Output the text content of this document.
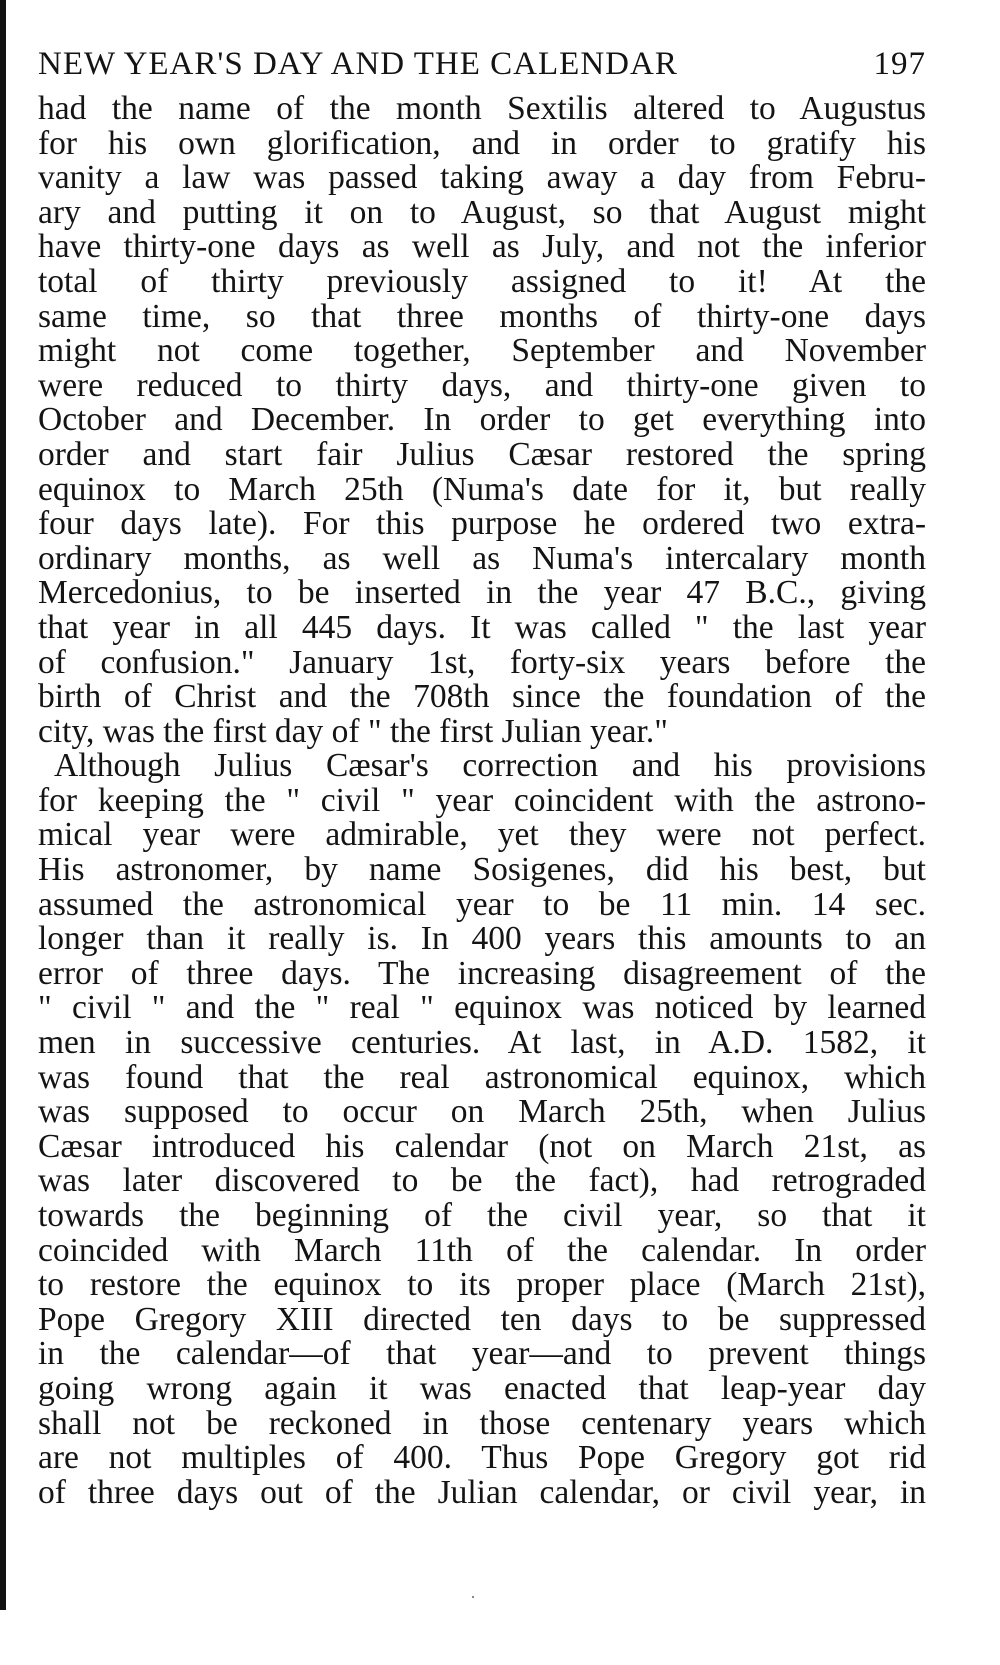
NEW YEAR'S DAY AND THE CALENDAR	197
had the name of the month Sextilis altered to Augustus
for his own glorification, and in order to gratify his
vanity a law was passed taking away a day from Febru-
ary and putting it on to August, so that August might
have thirty-one days as well as July, and not the inferior
total of thirty previously assigned to it! At the
same time, so that three months of thirty-one days
might not come together, September and November
were reduced to thirty days, and thirty-one given to
October and December. In order to get everything into
order and start fair Julius Cæsar restored the spring
equinox to March 25th (Numa's date for it, but really
four days late). For this purpose he ordered two extra-
ordinary months, as well as Numa's intercalary month
Mercedonius, to be inserted in the year 47 B.C., giving
that year in all 445 days. It was called " the last year
of confusion." January 1st, forty-six years before the
birth of Christ and the 708th since the foundation of the
city, was the first day of " the first Julian year."
Although Julius Cæsar's correction and his provisions
for keeping the " civil " year coincident with the astrono-
mical year were admirable, yet they were not perfect.
His astronomer, by name Sosigenes, did his best, but
assumed the astronomical year to be 11 min. 14 sec.
longer than it really is. In 400 years this amounts to an
error of three days. The increasing disagreement of the
" civil " and the " real " equinox was noticed by learned
men in successive centuries. At last, in A.D. 1582, it
was found that the real astronomical equinox, which
was supposed to occur on March 25th, when Julius
Cæsar introduced his calendar (not on March 21st, as
was later discovered to be the fact), had retrograded
towards the beginning of the civil year, so that it
coincided with March 11th of the calendar. In order
to restore the equinox to its proper place (March 21st),
Pope Gregory XIII directed ten days to be suppressed
in the calendar—of that year—and to prevent things
going wrong again it was enacted that leap-year day
shall not be reckoned in those centenary years which
are not multiples of 400. Thus Pope Gregory got rid
of three days out of the Julian calendar, or civil year, in
